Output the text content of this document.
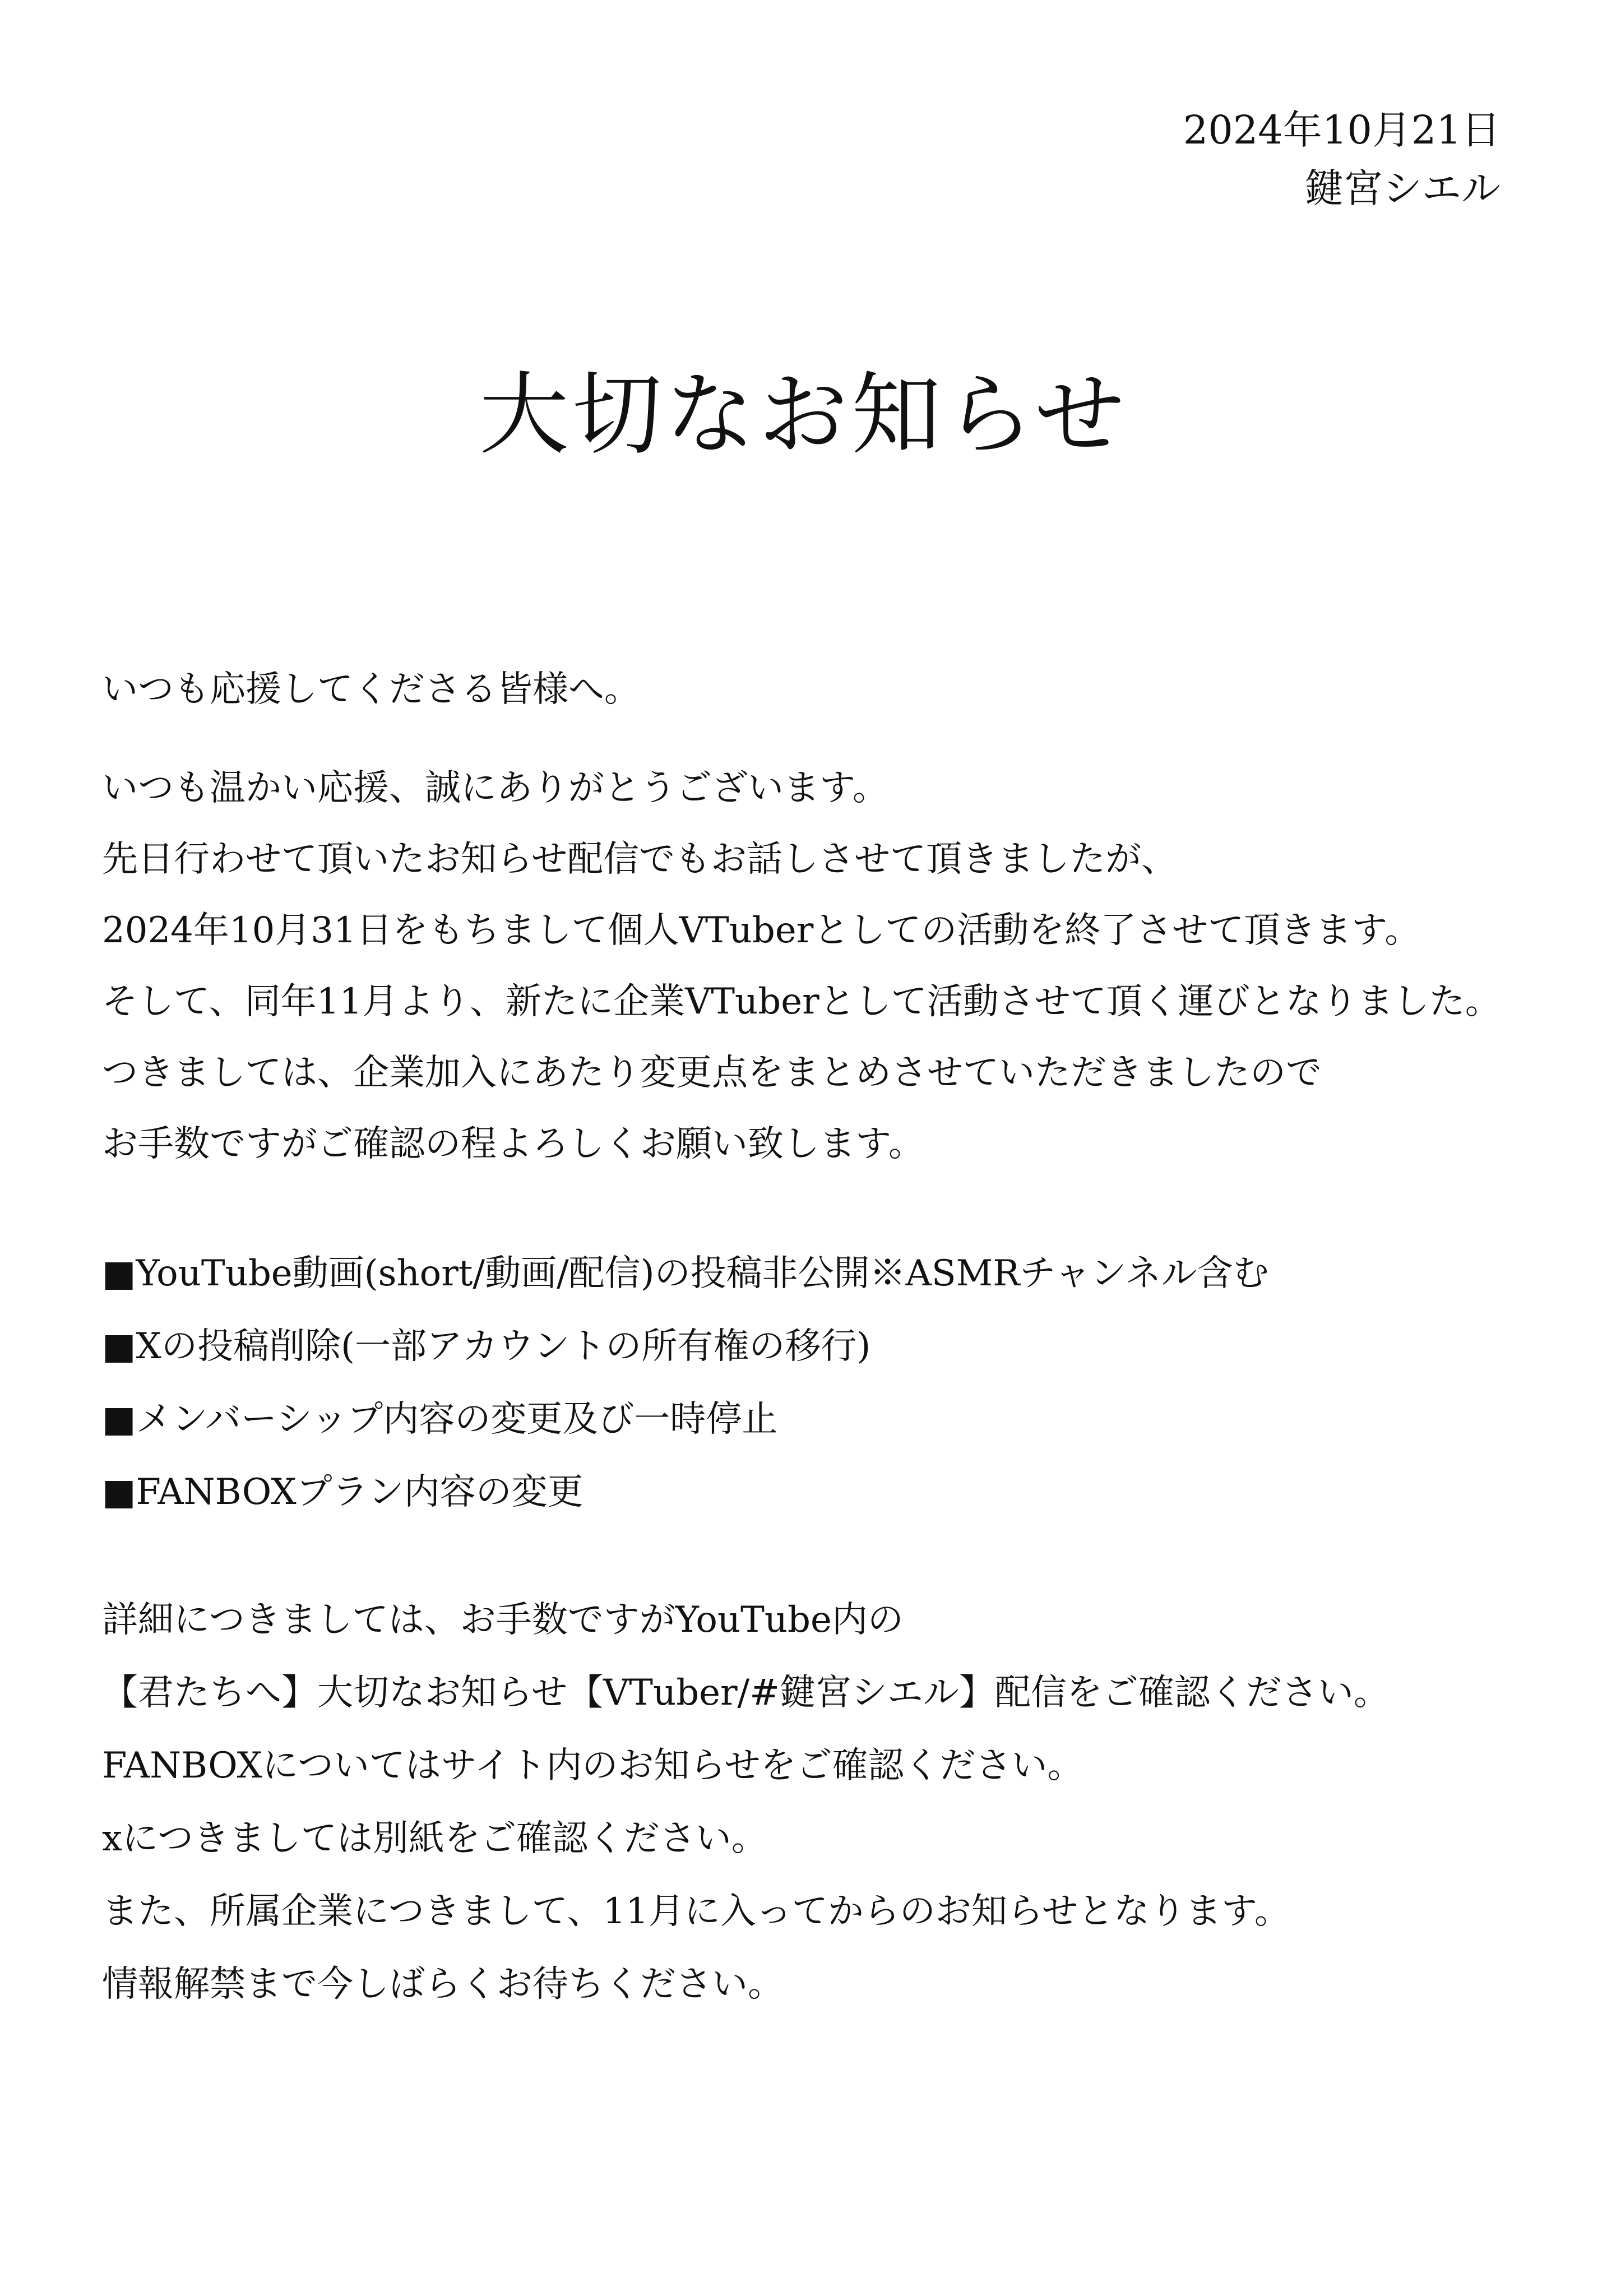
2024年10月21日
鍵宮シエル
大切なお知らせ
いつも応援してくださる皆様へ。
いつも温かい応援、誠にありがとうございます。
先日行わせて頂いたお知らせ配信でもお話しさせて頂きましたが、
2024年10月31日をもちまして個人VTuberとしての活動を終了させて頂きます。
そして、同年11月より、新たに企業VTuberとして活動させて頂く運びとなりました。
つきましては、企業加入にあたり変更点をまとめさせていただきましたので
お手数ですがご確認の程よろしくお願い致します。
■YouTube動画(short/動画/配信)の投稿非公開※ASMRチャンネル含む
■Xの投稿削除(一部アカウントの所有権の移行)
■メンバーシップ内容の変更及び一時停止
■FANBOXプラン内容の変更
詳細につきましては、お手数ですがYouTube内の
【君たちへ】大切なお知らせ【VTuber/#鍵宮シエル】配信をご確認ください。
FANBOXについてはサイト内のお知らせをご確認ください。
xにつきましては別紙をご確認ください。
また、所属企業につきまして、11月に入ってからのお知らせとなります。
情報解禁まで今しばらくお待ちください。
